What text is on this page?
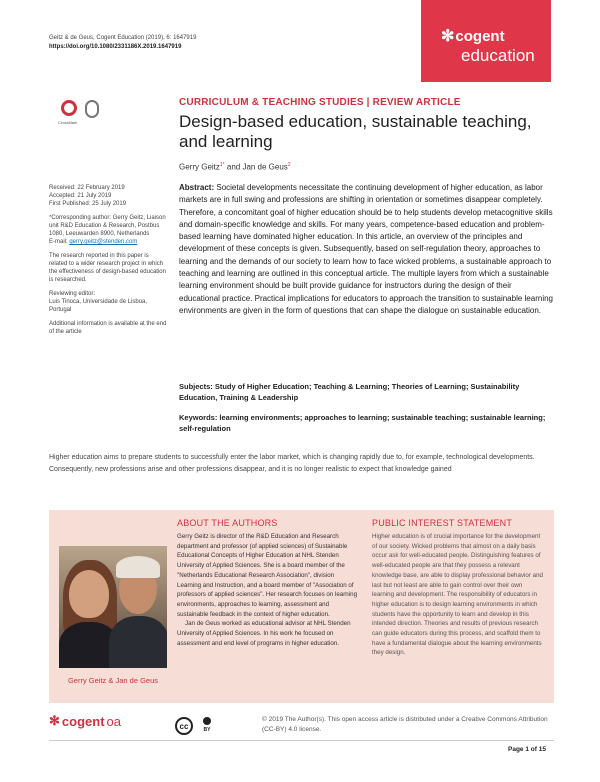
Geitz & de Geus, Cogent Education (2019), 6: 1647919
https://doi.org/10.1080/2331186X.2019.1647919
✻ cogent
education
CrossMark
CURRICULUM & TEACHING STUDIES | REVIEW ARTICLE
Design-based education, sustainable teaching, and learning
Gerry Geitz$^{1*}$ and Jan de Geus$^2$

Received: 22 February 2019
Accepted: 21 July 2019
First Published: 25 July 2019

*Corresponding author: Gerry Geitz, Liaison unit R&D Education & Research, Postbus 1080, Leeuwarden 8900, Netherlands
E-mail: gerry.geitz@stenden.com

The research reported in this paper is related to a wider research project in which the effectiveness of design-based education is researched.

Reviewing editor:
Luis Tinoca, Universidade de Lisboa, Portugal

Additional information is available at the end of the article

Abstract: Societal developments necessitate the continuing development of higher education, as labor markets are in full swing and professions are shifting in orientation or sometimes disappear completely. Therefore, a concomitant goal of higher education should be to help students develop metacognitive skills and domain-specific knowledge and skills. For many years, competence-based education and problem-based learning have dominated higher education. In this article, an overview of the principles and development of these concepts is given. Subsequently, based on self-regulation theory, approaches to learning and the demands of our society to learn how to face wicked problems, a sustainable approach to teaching and learning are outlined in this conceptual article. The multiple layers from which a sustainable learning environment should be built provide guidance for instructors during the design of their educational practice. Practical implications for educators to approach the transition to sustainable learning environments are given in the form of questions that can shape the dialogue on sustainable education.
Subjects: Study of Higher Education; Teaching & Learning; Theories of Learning; Sustainability Education, Training & Leadership
Keywords: learning environments; approaches to learning; sustainable teaching; sustainable learning; self-regulation
Higher education aims to prepare students to successfully enter the labor market, which is changing rapidly due to, for example, technological developments. Consequently, new professions arise and other professions disappear, and it is no longer realistic to expect that knowledge gained
Gerry Geitz & Jan de Geus
ABOUT THE AUTHORS

Gerry Geitz is director of the R&D Education and Research department and professor (of applied sciences) of Sustainable Educational Concepts of Higher Education at NHL Stenden University of Applied Sciences. She is a board member of the "Netherlands Educational Research Association", division Learning and Instruction, and a board member of "Association of professors of applied sciences". Her research focuses on learning environments, approaches to learning, assessment and sustainable feedback in the context of higher education.

Jan de Geus worked as educational advisor at NHL Stenden University of Applied Sciences. In his work he focused on assessment and end level of programs in higher education.

PUBLIC INTEREST STATEMENT
Higher education is of crucial importance for the development of our society. Wicked problems that almost on a daily basis occur ask for well-educated people. Distinguishing features of well-educated people are that they possess a relevant knowledge base, are able to display professional behavior and last but not least are able to gain control over their own learning and development. The responsibility of educators in higher education is to design learning environments in which students have the opportunity to learn and develop in this intended direction. Theories and results of previous research can guide educators during this process, and scaffold them to have a fundamental dialogue about the learning environments they design.
✻ cogent oa	cc	BY
© 2019 The Author(s). This open access article is distributed under a Creative Commons Attribution (CC-BY) 4.0 license.
Page 1 of 15
